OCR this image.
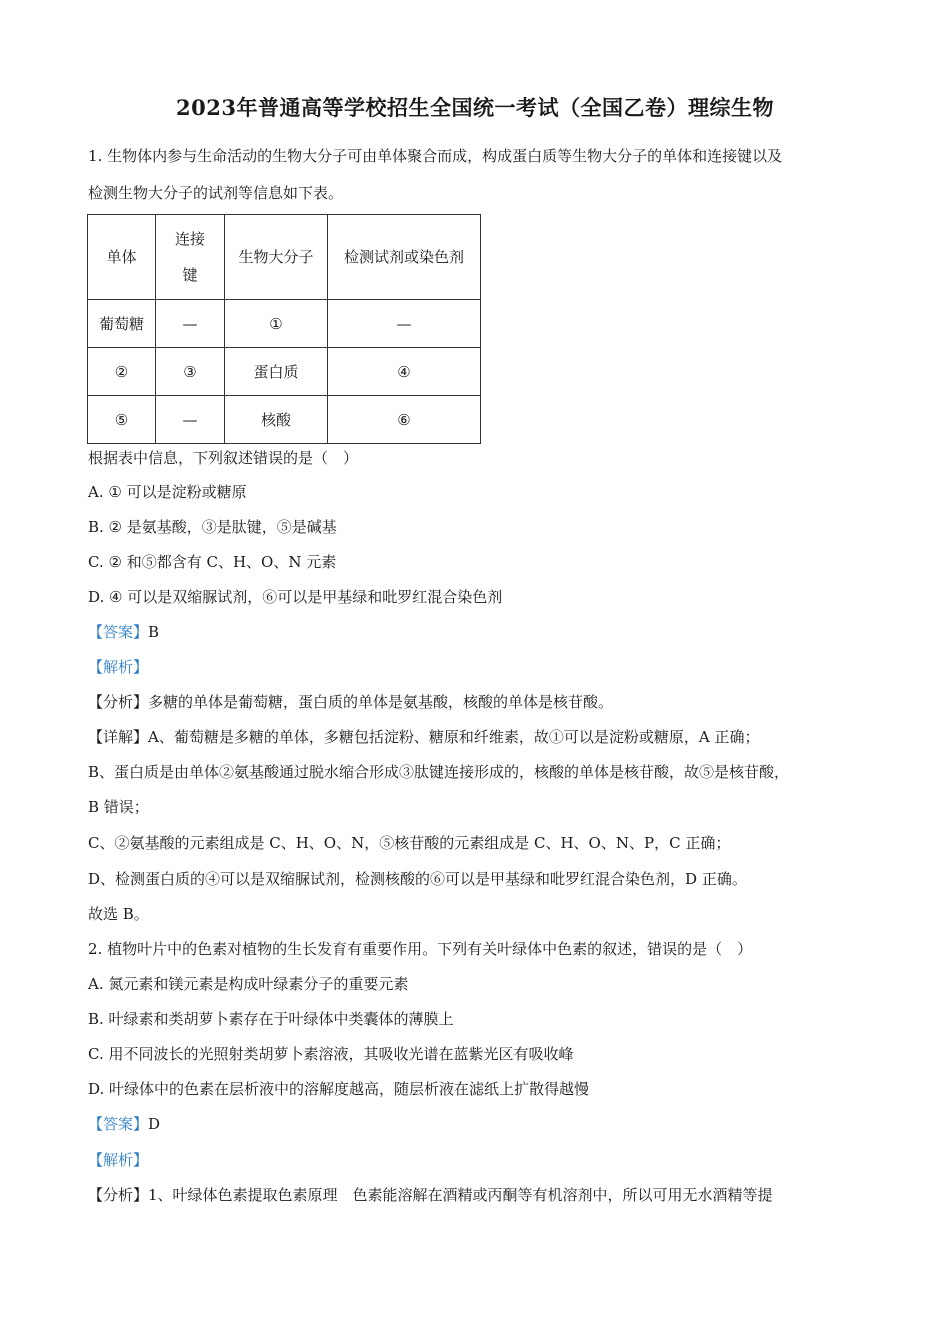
2023年普通高等学校招生全国统一考试（全国乙卷）理综生物
1. 生物体内参与生命活动的生物大分子可由单体聚合而成，构成蛋白质等生物大分子的单体和连接键以及
检测生物大分子的试剂等信息如下表。
单体	连接键	生物大分子	检测试剂或染色剂
葡萄糖	—	①	—
②	③	蛋白质	④
⑤	—	核酸	⑥
根据表中信息，下列叙述错误的是（　）
A. ① 可以是淀粉或糖原
B. ② 是氨基酸，③是肽键，⑤是碱基
C. ② 和⑤都含有 C、H、O、N 元素
D. ④ 可以是双缩脲试剂，⑥可以是甲基绿和吡罗红混合染色剂
【答案】B
【解析】
【分析】多糖的单体是葡萄糖，蛋白质的单体是氨基酸，核酸的单体是核苷酸。
【详解】A、葡萄糖是多糖的单体，多糖包括淀粉、糖原和纤维素，故①可以是淀粉或糖原，A 正确；
B、蛋白质是由单体②氨基酸通过脱水缩合形成③肽键连接形成的，核酸的单体是核苷酸，故⑤是核苷酸，
B 错误；
C、②氨基酸的元素组成是 C、H、O、N，⑤核苷酸的元素组成是 C、H、O、N、P，C 正确；
D、检测蛋白质的④可以是双缩脲试剂，检测核酸的⑥可以是甲基绿和吡罗红混合染色剂，D 正确。
故选 B。
2. 植物叶片中的色素对植物的生长发育有重要作用。下列有关叶绿体中色素的叙述，错误的是（　）
A. 氮元素和镁元素是构成叶绿素分子的重要元素
B. 叶绿素和类胡萝卜素存在于叶绿体中类囊体的薄膜上
C. 用不同波长的光照射类胡萝卜素溶液，其吸收光谱在蓝紫光区有吸收峰
D. 叶绿体中的色素在层析液中的溶解度越高，随层析液在滤纸上扩散得越慢
【答案】D
【解析】
【分析】1、叶绿体色素提取色素原理　色素能溶解在酒精或丙酮等有机溶剂中，所以可用无水酒精等提
